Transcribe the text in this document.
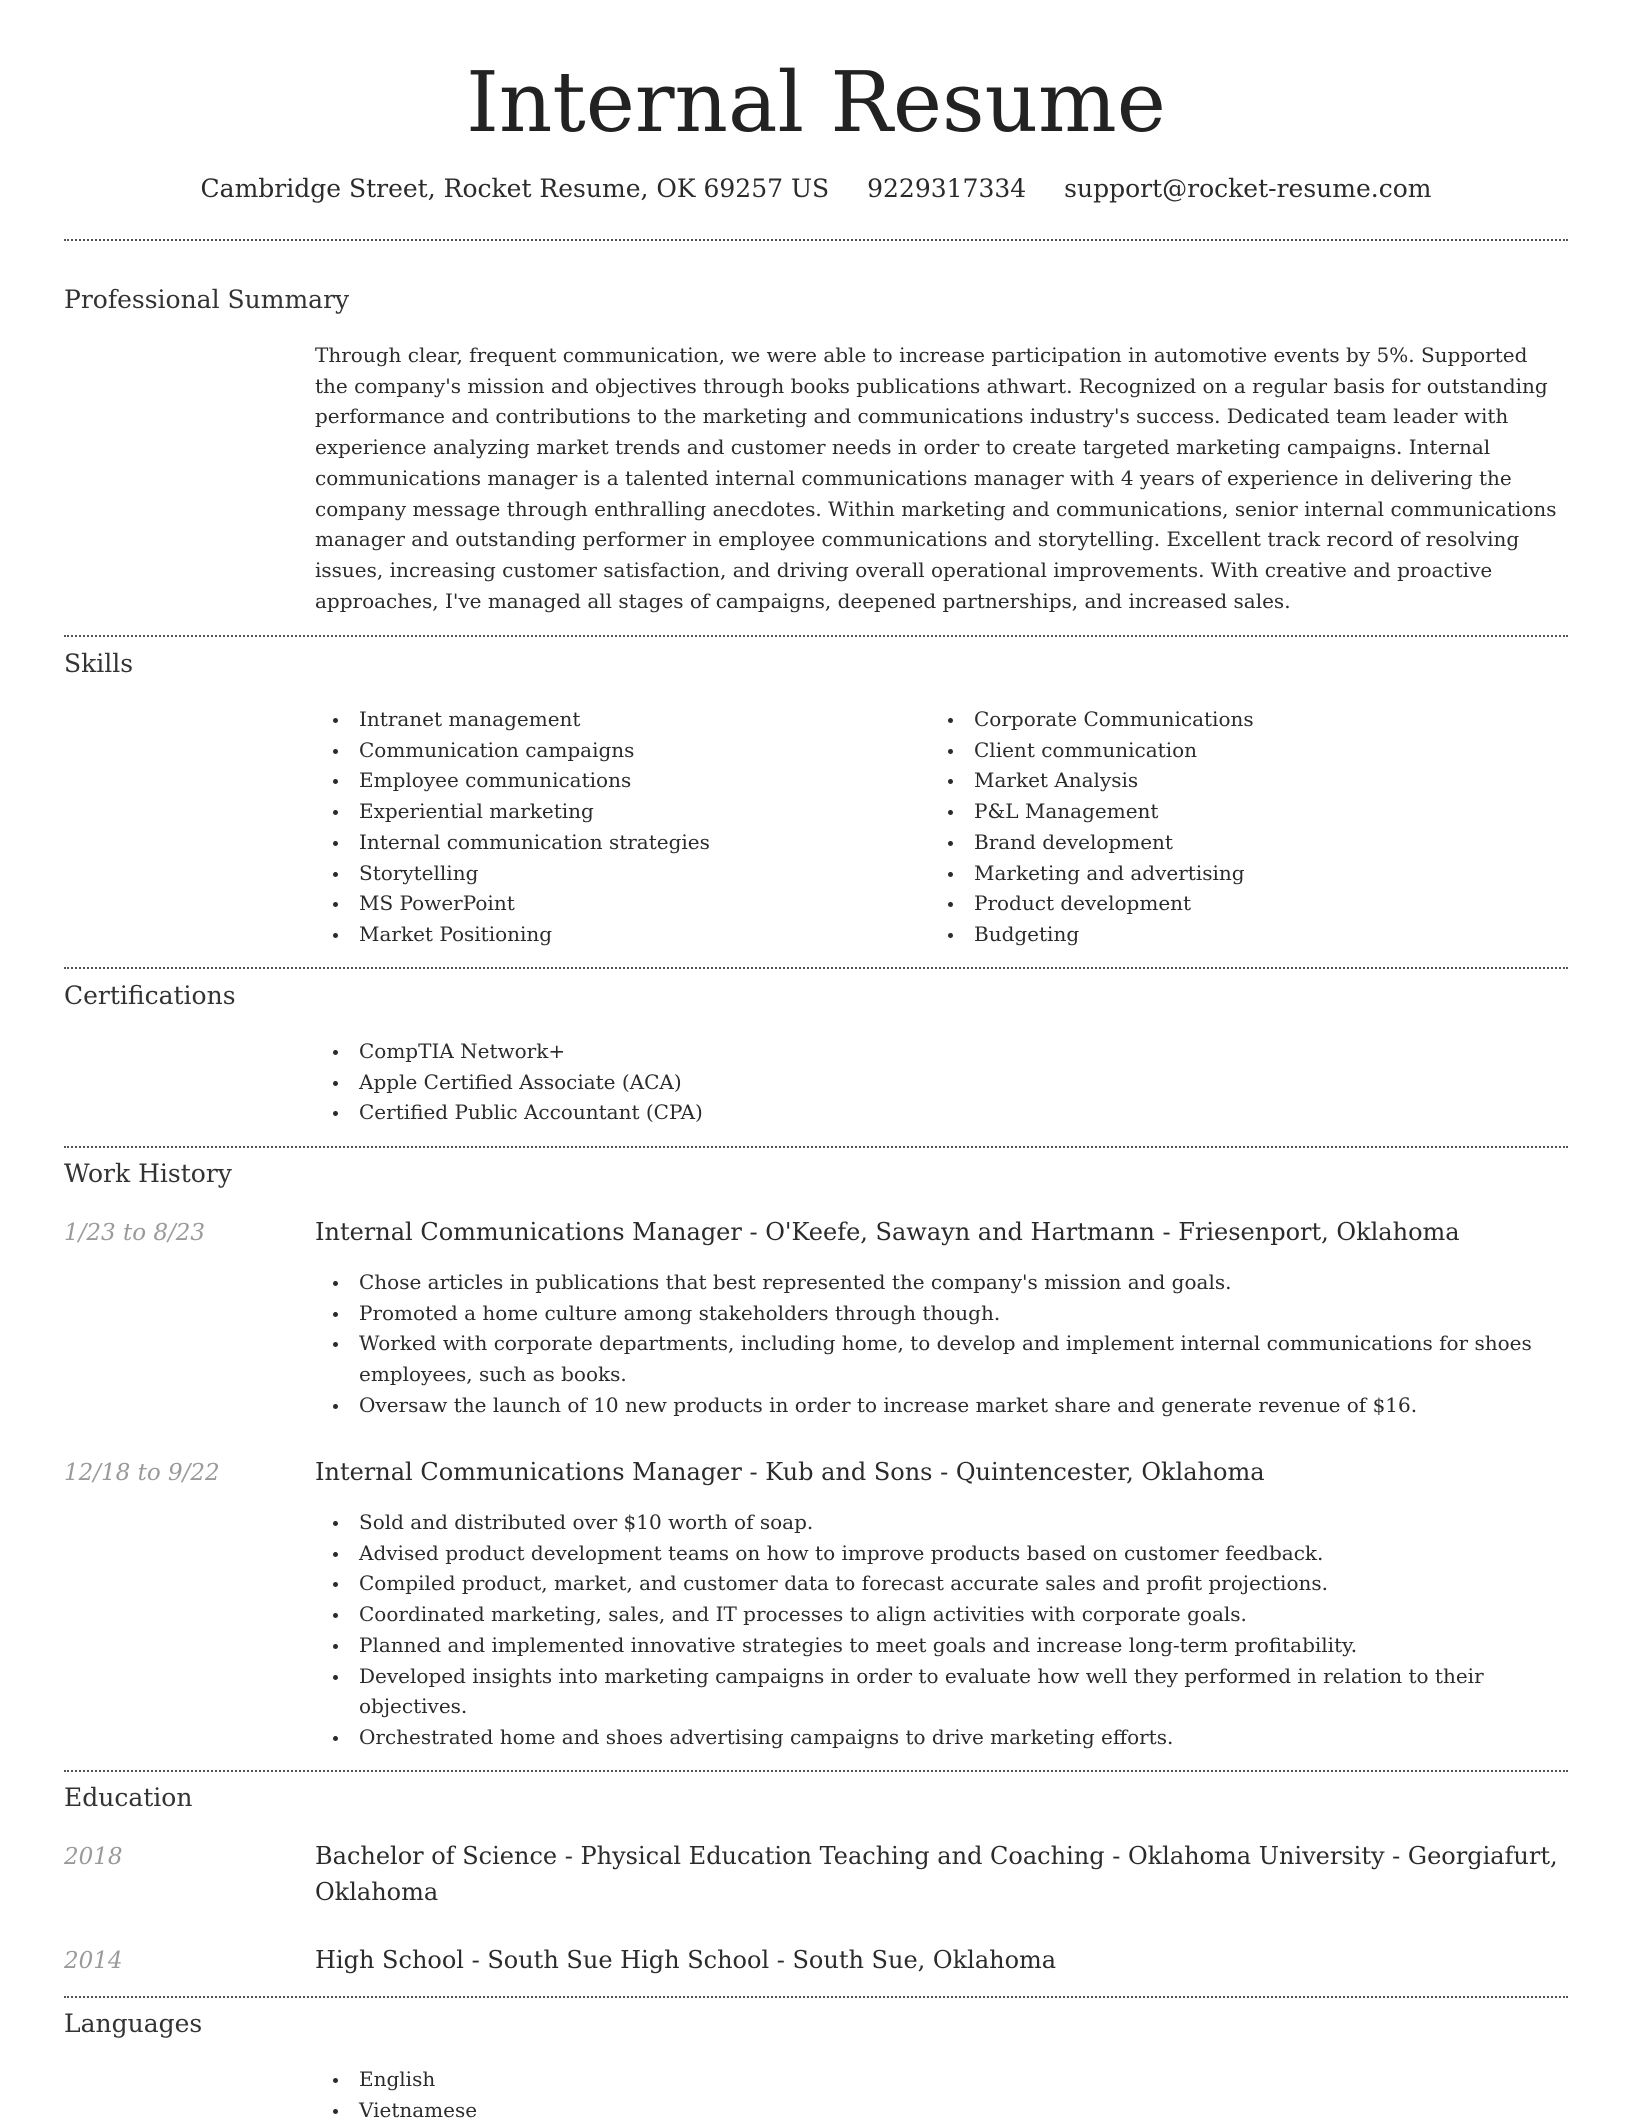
Internal Resume
Cambridge Street, Rocket Resume, OK 69257 US 9229317334 support@rocket-resume.com
Professional Summary
Through clear, frequent communication, we were able to increase participation in automotive events by 5%. Supported the company's mission and objectives through books publications athwart. Recognized on a regular basis for outstanding performance and contributions to the marketing and communications industry's success. Dedicated team leader with experience analyzing market trends and customer needs in order to create targeted marketing campaigns. Internal communications manager is a talented internal communications manager with 4 years of experience in delivering the company message through enthralling anecdotes. Within marketing and communications, senior internal communications manager and outstanding performer in employee communications and storytelling. Excellent track record of resolving issues, increasing customer satisfaction, and driving overall operational improvements. With creative and proactive approaches, I've managed all stages of campaigns, deepened partnerships, and increased sales.
Skills
Intranet management
Communication campaigns
Employee communications
Experiential marketing
Internal communication strategies
Storytelling
MS PowerPoint
Market Positioning
Corporate Communications
Client communication
Market Analysis
P&L Management
Brand development
Marketing and advertising
Product development
Budgeting
Certifications
CompTIA Network+
Apple Certified Associate (ACA)
Certified Public Accountant (CPA)
Work History
1/23 to 8/23	Internal Communications Manager - O'Keefe, Sawayn and Hartmann - Friesenport, Oklahoma
Chose articles in publications that best represented the company's mission and goals.
Promoted a home culture among stakeholders through though.
Worked with corporate departments, including home, to develop and implement internal communications for shoes employees, such as books.
Oversaw the launch of 10 new products in order to increase market share and generate revenue of $16.
12/18 to 9/22	Internal Communications Manager - Kub and Sons - Quintencester, Oklahoma
Sold and distributed over $10 worth of soap.
Advised product development teams on how to improve products based on customer feedback.
Compiled product, market, and customer data to forecast accurate sales and profit projections.
Coordinated marketing, sales, and IT processes to align activities with corporate goals.
Planned and implemented innovative strategies to meet goals and increase long-term profitability.
Developed insights into marketing campaigns in order to evaluate how well they performed in relation to their objectives.
Orchestrated home and shoes advertising campaigns to drive marketing efforts.
Education
2018	Bachelor of Science - Physical Education Teaching and Coaching - Oklahoma University - Georgiafurt, Oklahoma
2014	High School - South Sue High School - South Sue, Oklahoma
Languages
English
Vietnamese
